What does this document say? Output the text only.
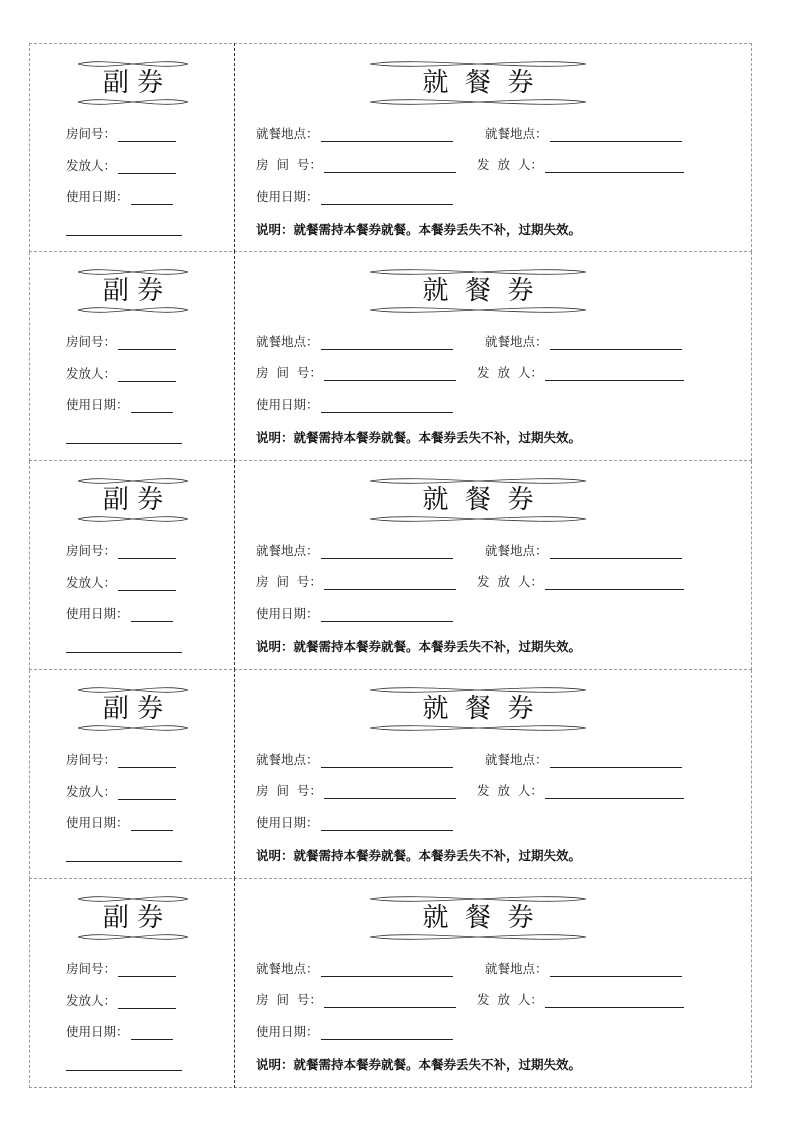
副 券	就  餐  券
房间号：
发放人：
使用日期：
就餐地点：	就餐地点：
房  间  号：	发  放  人：
使用日期：
说明：就餐需持本餐券就餐。本餐券丢失不补，过期失效。
副 券	就  餐  券
房间号：
发放人：
使用日期：
就餐地点：	就餐地点：
房  间  号：	发  放  人：
使用日期：
说明：就餐需持本餐券就餐。本餐券丢失不补，过期失效。
副 券	就  餐  券
房间号：
发放人：
使用日期：
就餐地点：	就餐地点：
房  间  号：	发  放  人：
使用日期：
说明：就餐需持本餐券就餐。本餐券丢失不补，过期失效。
副 券	就  餐  券
房间号：
发放人：
使用日期：
就餐地点：	就餐地点：
房  间  号：	发  放  人：
使用日期：
说明：就餐需持本餐券就餐。本餐券丢失不补，过期失效。
副 券	就  餐  券
房间号：
发放人：
使用日期：
就餐地点：	就餐地点：
房  间  号：	发  放  人：
使用日期：
说明：就餐需持本餐券就餐。本餐券丢失不补，过期失效。
